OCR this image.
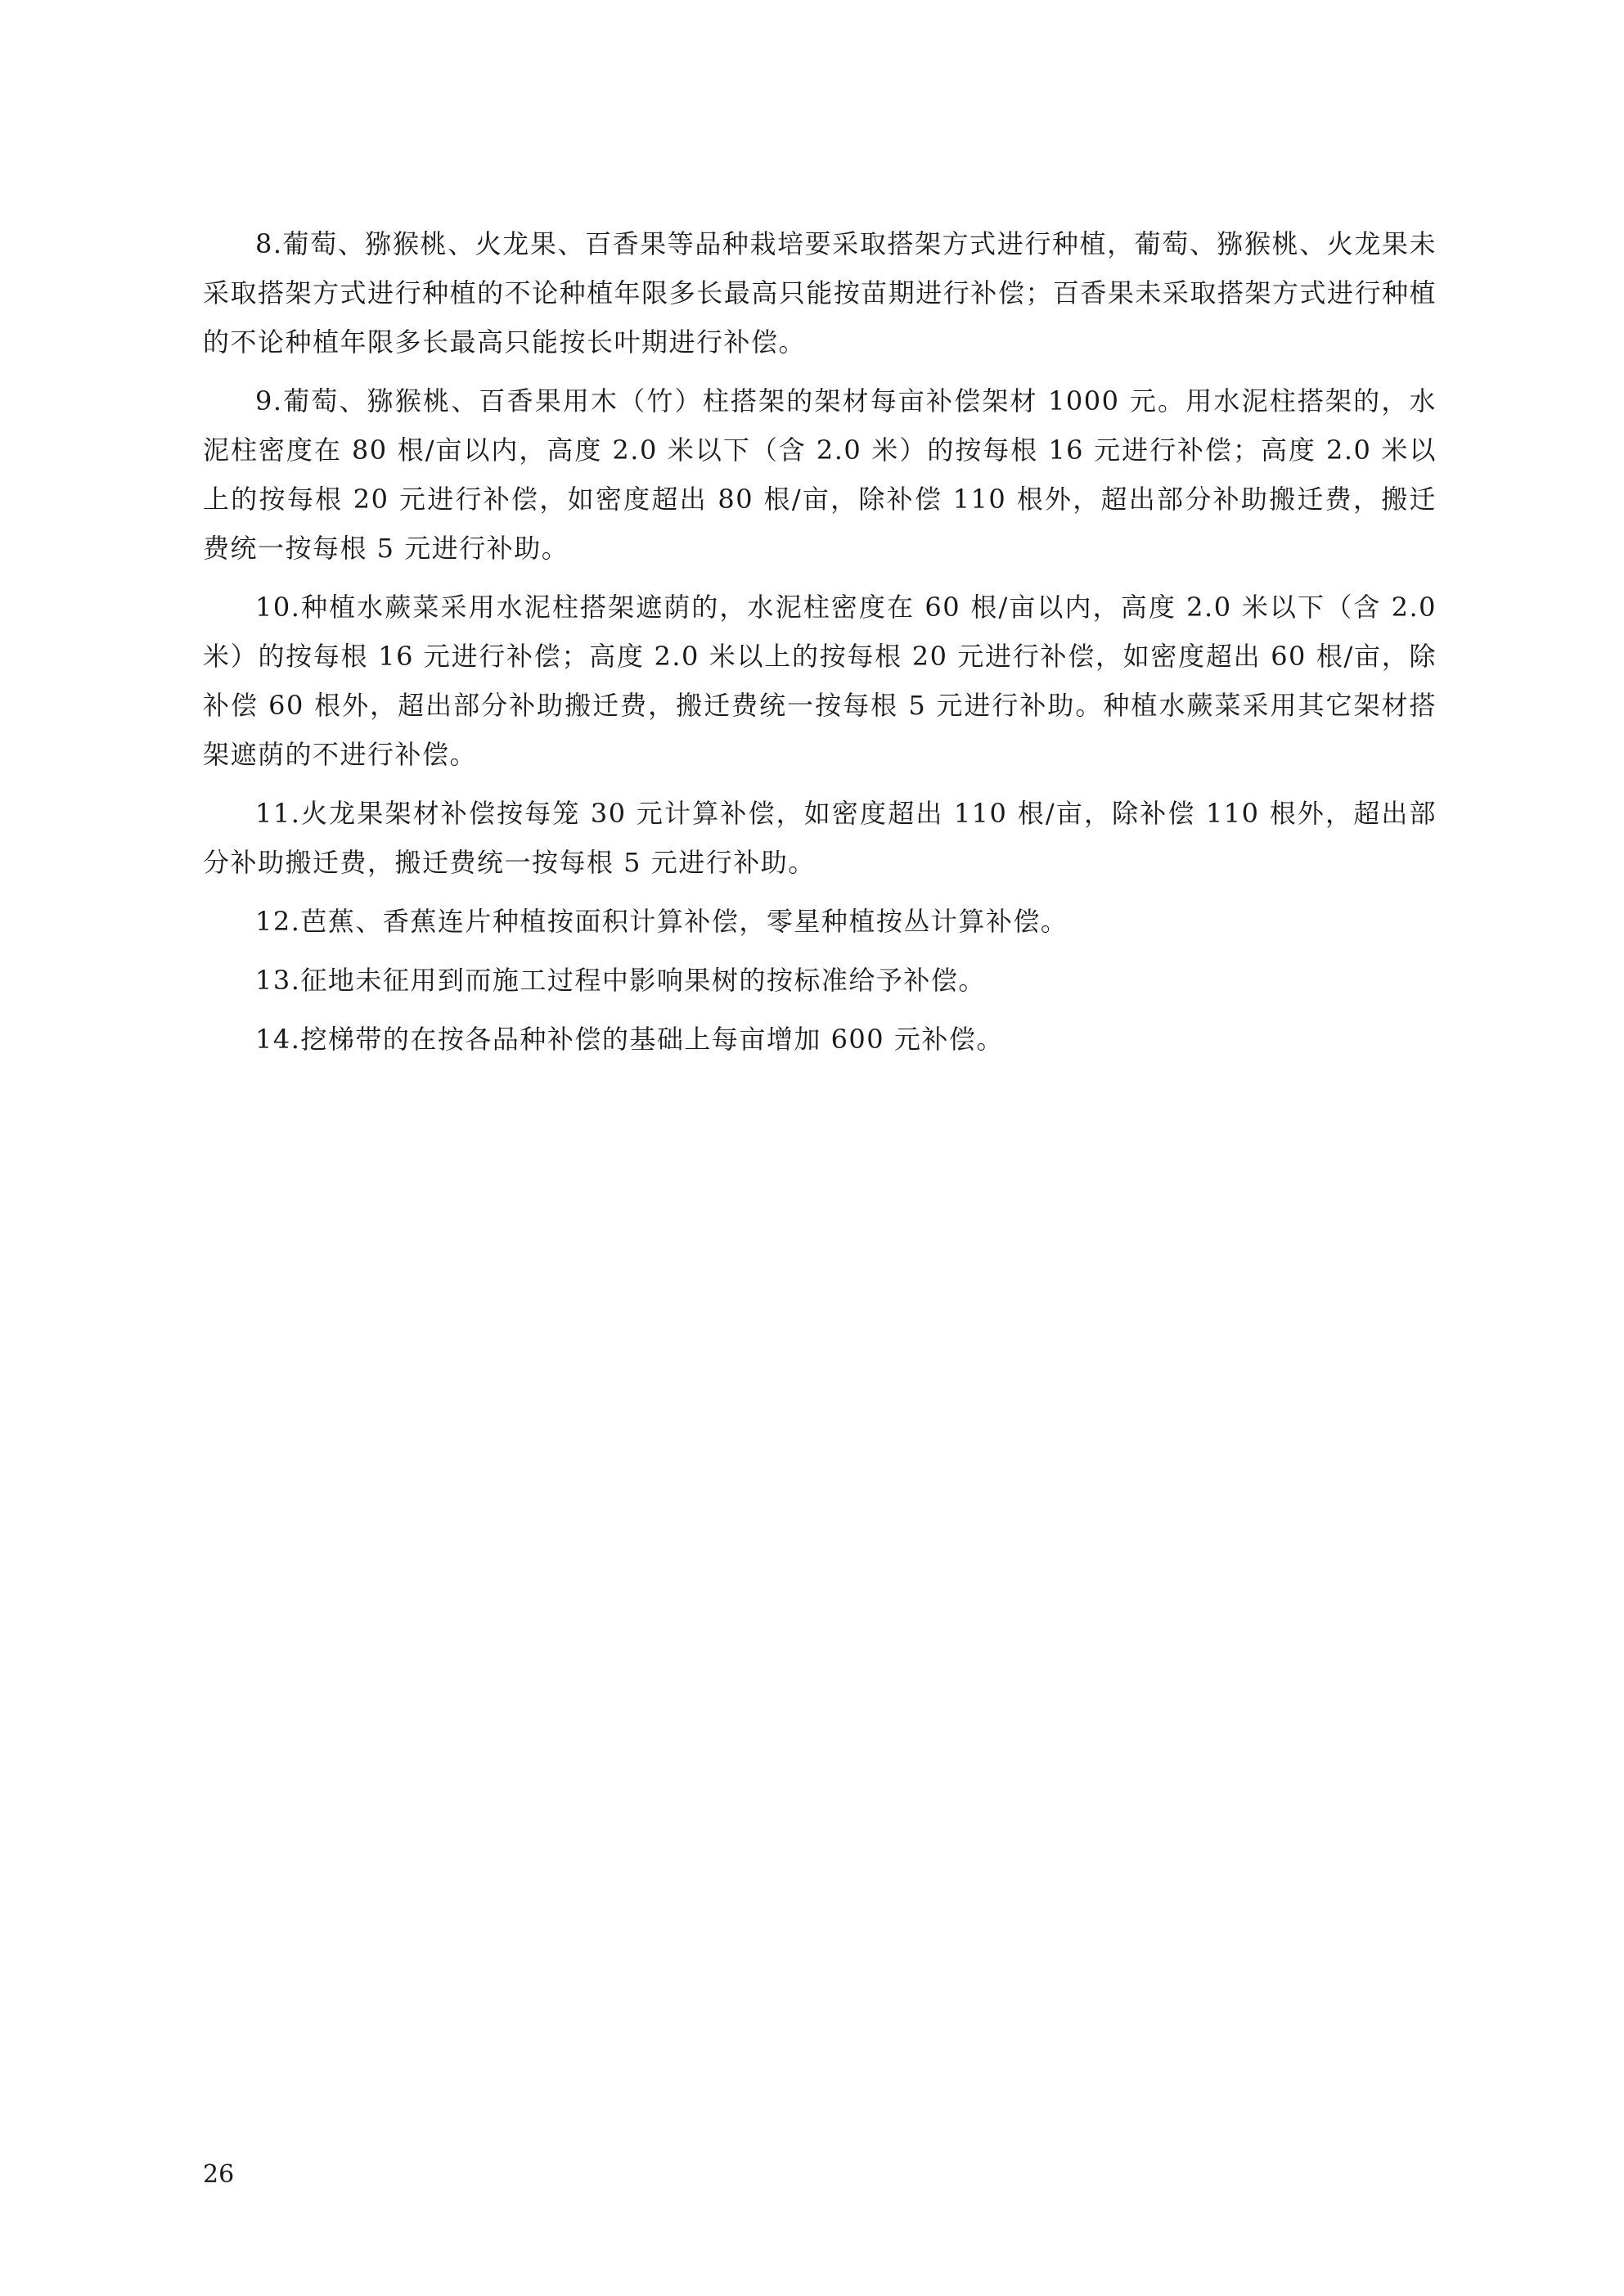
8.葡萄、猕猴桃、火龙果、百香果等品种栽培要采取搭架方式进行种植，葡萄、猕猴桃、火龙果未采取搭架方式进行种植的不论种植年限多长最高只能按苗期进行补偿；百香果未采取搭架方式进行种植的不论种植年限多长最高只能按长叶期进行补偿。

9.葡萄、猕猴桃、百香果用木（竹）柱搭架的架材每亩补偿架材 1000 元。用水泥柱搭架的，水泥柱密度在 80 根/亩以内，高度 2.0 米以下（含 2.0 米）的按每根 16 元进行补偿；高度 2.0 米以上的按每根 20 元进行补偿，如密度超出 80 根/亩，除补偿 110 根外，超出部分补助搬迁费，搬迁费统一按每根 5 元进行补助。

10.种植水蕨菜采用水泥柱搭架遮荫的，水泥柱密度在 60 根/亩以内，高度 2.0 米以下（含 2.0 米）的按每根 16 元进行补偿；高度 2.0 米以上的按每根 20 元进行补偿，如密度超出 60 根/亩，除补偿 60 根外，超出部分补助搬迁费，搬迁费统一按每根 5 元进行补助。种植水蕨菜采用其它架材搭架遮荫的不进行补偿。

11.火龙果架材补偿按每笼 30 元计算补偿，如密度超出 110 根/亩，除补偿 110 根外，超出部分补助搬迁费，搬迁费统一按每根 5 元进行补助。

12.芭蕉、香蕉连片种植按面积计算补偿，零星种植按丛计算补偿。

13.征地未征用到而施工过程中影响果树的按标准给予补偿。

14.挖梯带的在按各品种补偿的基础上每亩增加 600 元补偿。

26
